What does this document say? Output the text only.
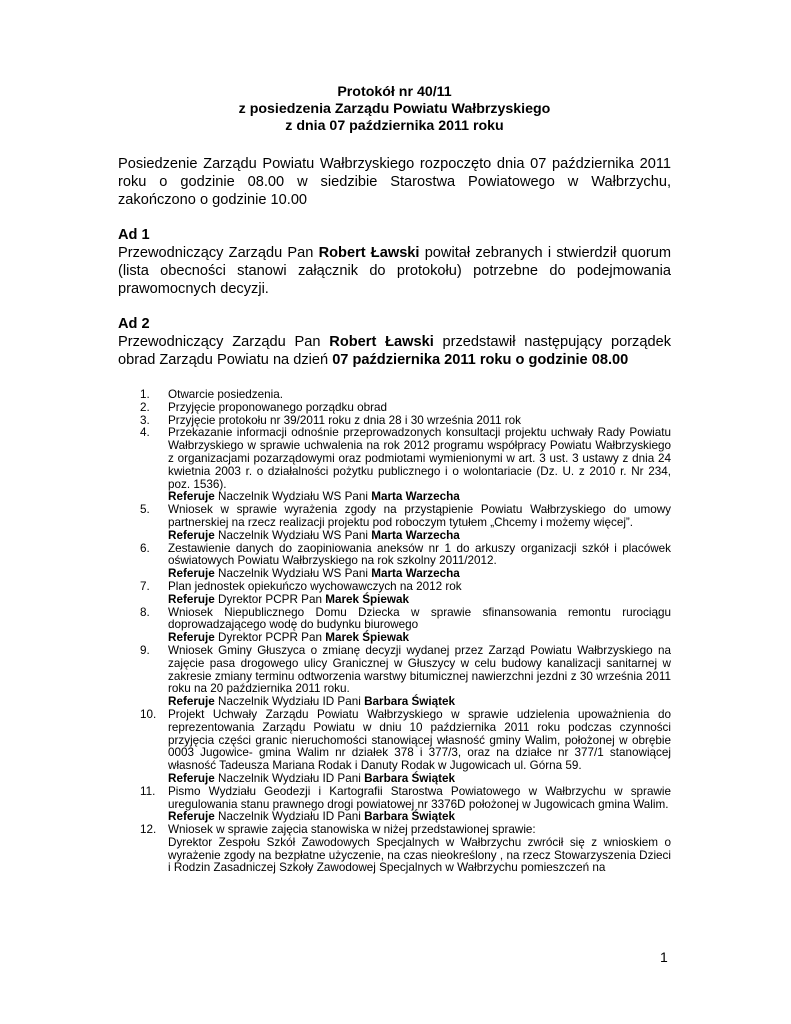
Protokół nr 40/11
z posiedzenia Zarządu Powiatu Wałbrzyskiego
z dnia 07 października 2011 roku
Posiedzenie Zarządu Powiatu Wałbrzyskiego rozpoczęto dnia 07 października 2011 roku o godzinie 08.00 w siedzibie Starostwa Powiatowego w Wałbrzychu, zakończono o godzinie 10.00
Ad 1
Przewodniczący Zarządu Pan Robert Ławski powitał zebranych i stwierdził quorum (lista obecności stanowi załącznik do protokołu) potrzebne do podejmowania prawomocnych decyzji.
Ad 2
Przewodniczący Zarządu Pan Robert Ławski przedstawił następujący porządek obrad Zarządu Powiatu na dzień 07 października 2011 roku o godzinie 08.00
1.	Otwarcie posiedzenia.
2.	Przyjęcie proponowanego porządku obrad
3.	Przyjęcie protokołu nr 39/2011 roku z dnia 28 i 30 września 2011 rok
4.	Przekazanie informacji odnośnie przeprowadzonych konsultacji projektu uchwały Rady Powiatu Wałbrzyskiego w sprawie uchwalenia na rok 2012 programu współpracy Powiatu Wałbrzyskiego z organizacjami pozarządowymi oraz podmiotami wymienionymi w art. 3 ust. 3 ustawy z dnia 24 kwietnia 2003 r. o działalności pożytku publicznego i o wolontariacie (Dz. U. z 2010 r. Nr 234, poz. 1536).
Referuje Naczelnik Wydziału WS Pani Marta Warzecha
5.	Wniosek w sprawie wyrażenia zgody na przystąpienie Powiatu Wałbrzyskiego do umowy partnerskiej na rzecz realizacji projektu pod roboczym tytułem „Chcemy i możemy więcej”.
Referuje Naczelnik Wydziału WS Pani Marta Warzecha
6.	Zestawienie danych do zaopiniowania aneksów nr 1 do arkuszy organizacji szkół i placówek oświatowych Powiatu Wałbrzyskiego na rok szkolny 2011/2012.
Referuje Naczelnik Wydziału WS Pani Marta Warzecha
7.	Plan jednostek opiekuńczo wychowawczych na 2012 rok
Referuje Dyrektor PCPR Pan Marek Śpiewak
8.	Wniosek Niepublicznego Domu Dziecka w sprawie sfinansowania remontu rurociągu doprowadzającego wodę do budynku biurowego
Referuje Dyrektor PCPR Pan Marek Śpiewak
9.	Wniosek Gminy Głuszyca o zmianę decyzji wydanej przez Zarząd Powiatu Wałbrzyskiego na zajęcie pasa drogowego ulicy Granicznej w Głuszycy w celu budowy kanalizacji sanitarnej w zakresie zmiany terminu odtworzenia warstwy bitumicznej nawierzchni jezdni z 30 września 2011 roku na 20 października 2011 roku.
Referuje Naczelnik Wydziału ID Pani Barbara Świątek
10.	Projekt Uchwały Zarządu Powiatu Wałbrzyskiego w sprawie udzielenia upoważnienia do reprezentowania Zarządu Powiatu w dniu 10 października 2011 roku podczas czynności przyjęcia części granic nieruchomości stanowiącej własność gminy Walim, położonej w obrębie 0003 Jugowice- gmina Walim nr działek 378 i 377/3, oraz na działce nr 377/1 stanowiącej własność Tadeusza Mariana Rodak i Danuty Rodak w Jugowicach ul. Górna 59.
Referuje Naczelnik Wydziału ID Pani Barbara Świątek
11.	Pismo Wydziału Geodezji i Kartografii Starostwa Powiatowego w Wałbrzychu w sprawie uregulowania stanu prawnego drogi powiatowej nr 3376D położonej w Jugowicach gmina Walim.
Referuje Naczelnik Wydziału ID Pani Barbara Świątek
12.	Wniosek w sprawie zajęcia stanowiska w niżej przedstawionej sprawie:
Dyrektor Zespołu Szkół Zawodowych Specjalnych w Wałbrzychu zwrócił się z wnioskiem o wyrażenie zgody na bezpłatne użyczenie, na czas nieokreślony , na rzecz Stowarzyszenia Dzieci i Rodzin Zasadniczej Szkoły Zawodowej Specjalnych w Wałbrzychu pomieszczeń na
1
